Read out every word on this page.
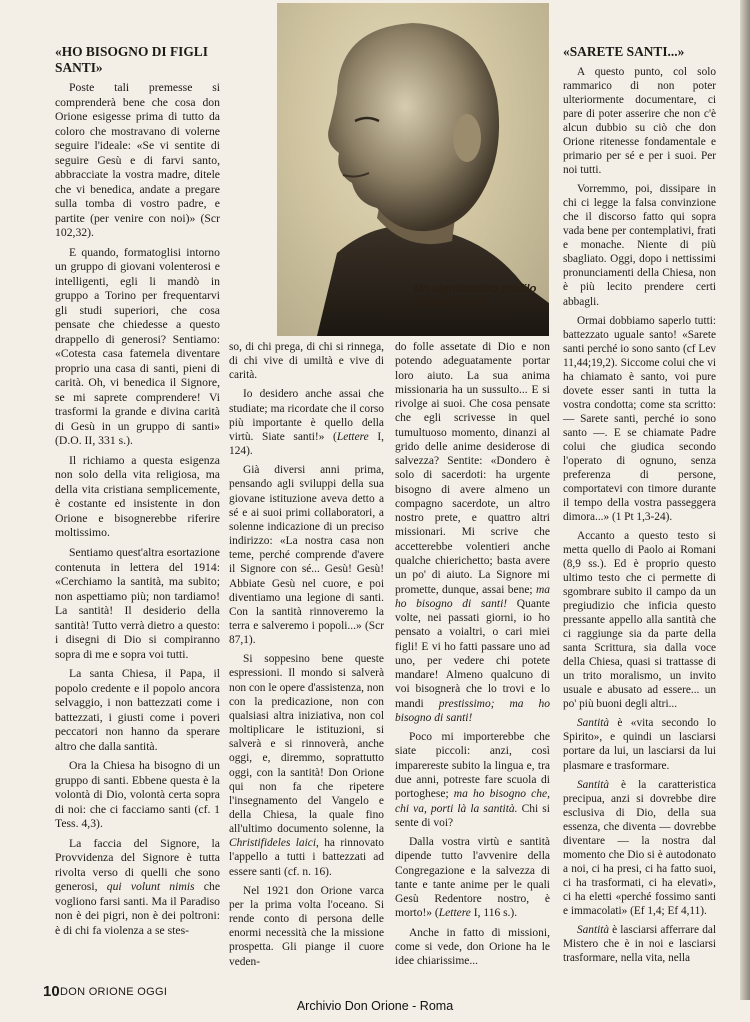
Un significativo profilo
di don Orione.

«HO BISOGNO DI FIGLI
SANTI»

Poste tali premesse si comprenderà bene che cosa don Orione esigesse prima di tutto da coloro che mostravano di volerne seguire l'ideale: «Se vi sentite di seguire Gesù e di farvi santo, abbracciate la vostra madre, ditele che vi benedica, andate a pregare sulla tomba di vostro padre, e partite (per venire con noi)» (Scr 102,32).

E quando, formatoglisi intorno un gruppo di giovani volenterosi e intelligenti, egli li mandò in gruppo a Torino per frequentarvi gli studi superiori, che cosa pensate che chiedesse a questo drappello di generosi? Sentiamo: «Cotesta casa fatemela diventare proprio una casa di santi, pieni di carità. Oh, vi benedica il Signore, se mi saprete comprendere! Vi trasformi la grande e divina carità di Gesù in un gruppo di santi» (D.O. II, 331 s.).

Il richiamo a questa esigenza non solo della vita religiosa, ma della vita cristiana semplicemente, è costante ed insistente in don Orione e bisognerebbe riferire moltissimo.

Sentiamo quest'altra esortazione contenuta in lettera del 1914: «Cerchiamo la santità, ma subito; non aspettiamo più; non tardiamo! La santità! Il desiderio della santità! Tutto verrà dietro a questo: i disegni di Dio si compiranno sopra di me e sopra voi tutti.

La santa Chiesa, il Papa, il popolo credente e il popolo ancora selvaggio, i non battezzati come i battezzati, i giusti come i poveri peccatori non hanno da sperare altro che dalla santità.

Ora la Chiesa ha bisogno di un gruppo di santi. Ebbene questa è la volontà di Dio, volontà certa sopra di noi: che ci facciamo santi (cf. 1 Tess. 4,3).

La faccia del Signore, la Provvidenza del Signore è tutta rivolta verso di quelli che sono generosi, qui volunt nimis che vogliono farsi santi. Ma il Paradiso non è dei pigri, non è dei poltroni: è di chi fa violenza a se stes-

so, di chi prega, di chi si rinnega, di chi vive di umiltà e vive di carità.

Io desidero anche assai che studiate; ma ricordate che il corso più importante è quello della virtù. Siate santi!» (Lettere I, 124).

Già diversi anni prima, pensando agli sviluppi della sua giovane istituzione aveva detto a sé e ai suoi primi collaboratori, a solenne indicazione di un preciso indirizzo: «La nostra casa non teme, perché comprende d'avere il Signore con sé... Gesù! Gesù! Abbiate Gesù nel cuore, e poi diventiamo una legione di santi. Con la santità rinnoveremo la terra e salveremo i popoli...» (Scr 87,1).

Si soppesino bene queste espressioni. Il mondo si salverà non con le opere d'assistenza, non con la predicazione, non con qualsiasi altra iniziativa, non col moltiplicare le istituzioni, si salverà e si rinnoverà, anche oggi, e, diremmo, soprattutto oggi, con la santità! Don Orione qui non fa che ripetere l'insegnamento del Vangelo e della Chiesa, la quale fino all'ultimo documento solenne, la Christifideles laici, ha rinnovato l'appello a tutti i battezzati ad essere santi (cf. n. 16).

Nel 1921 don Orione varca per la prima volta l'oceano. Si rende conto di persona delle enormi necessità che la missione prospetta. Gli piange il cuore veden-

do folle assetate di Dio e non potendo adeguatamente portar loro aiuto. La sua anima missionaria ha un sussulto... E si rivolge ai suoi. Che cosa pensate che egli scrivesse in quel tumultuoso momento, dinanzi al grido delle anime desiderose di salvezza? Sentite: «Dondero è solo di sacerdoti: ha urgente bisogno di avere almeno un compagno sacerdote, un altro nostro prete, e quattro altri missionari. Mi scrive che accetterebbe volentieri anche qualche chierichetto; basta avere un po' di aiuto. La Signore mi promette, dunque, assai bene; ma ho bisogno di santi! Quante volte, nei passati giorni, io ho pensato a voialtri, o cari miei figli! E vi ho fatti passare uno ad uno, per vedere chi potete mandare! Almeno qualcuno di voi bisognerà che lo trovi e lo mandi prestissimo; ma ho bisogno di santi!

Poco mi importerebbe che siate piccoli: anzi, così imparereste subito la lingua e, tra due anni, potreste fare scuola di portoghese; ma ho bisogno che, chi va, porti là la santità. Chi si sente di voi?

Dalla vostra virtù e santità dipende tutto l'avvenire della Congregazione e la salvezza di tante e tante anime per le quali Gesù Redentore nostro, è morto!» (Lettere I, 116 s.).

Anche in fatto di missioni, come si vede, don Orione ha le idee chiarissime...

«SARETE SANTI...»

A questo punto, col solo rammarico di non poter ulteriormente documentare, ci pare di poter asserire che non c'è alcun dubbio su ciò che don Orione ritenesse fondamentale e primario per sé e per i suoi. Per noi tutti.

Vorremmo, poi, dissipare in chi ci legge la falsa convinzione che il discorso fatto qui sopra vada bene per contemplativi, frati e monache. Niente di più sbagliato. Oggi, dopo i nettissimi pronunciamenti della Chiesa, non è più lecito prendere certi abbagli.

Ormai dobbiamo saperlo tutti: battezzato uguale santo! «Sarete santi perché io sono santo (cf Lev 11,44;19,2). Siccome colui che vi ha chiamato è santo, voi pure dovete esser santi in tutta la vostra condotta; come sta scritto: — Sarete santi, perché io sono santo —. E se chiamate Padre colui che giudica secondo l'operato di ognuno, senza preferenza di persone, comportatevi con timore durante il tempo della vostra passeggera dimora...» (1 Pt 1,3-24).

Accanto a questo testo si metta quello di Paolo ai Romani (8,9 ss.). Ed è proprio questo ultimo testo che ci permette di sgombrare subito il campo da un pregiudizio che inficia questo pressante appello alla santità che ci raggiunge sia da parte della santa Scrittura, sia dalla voce della Chiesa, quasi si trattasse di un trito moralismo, un invito usuale e abusato ad essere... un po' più buoni degli altri...

Santità è «vita secondo lo Spirito», e quindi un lasciarsi portare da lui, un lasciarsi da lui plasmare e trasformare.

Santità è la caratteristica precipua, anzi si dovrebbe dire esclusiva di Dio, della sua essenza, che diventa — dovrebbe diventare — la nostra dal momento che Dio si è autodonato a noi, ci ha presi, ci ha fatto suoi, ci ha trasformati, ci ha elevati», ci ha eletti «perché fossimo santi e immacolati» (Ef 1,4; Ef 4,11).

Santità è lasciarsi afferrare dal Mistero che è in noi e lasciarsi trasformare, nella vita, nella

10 DON ORIONE OGGI
Archivio Don Orione - Roma
